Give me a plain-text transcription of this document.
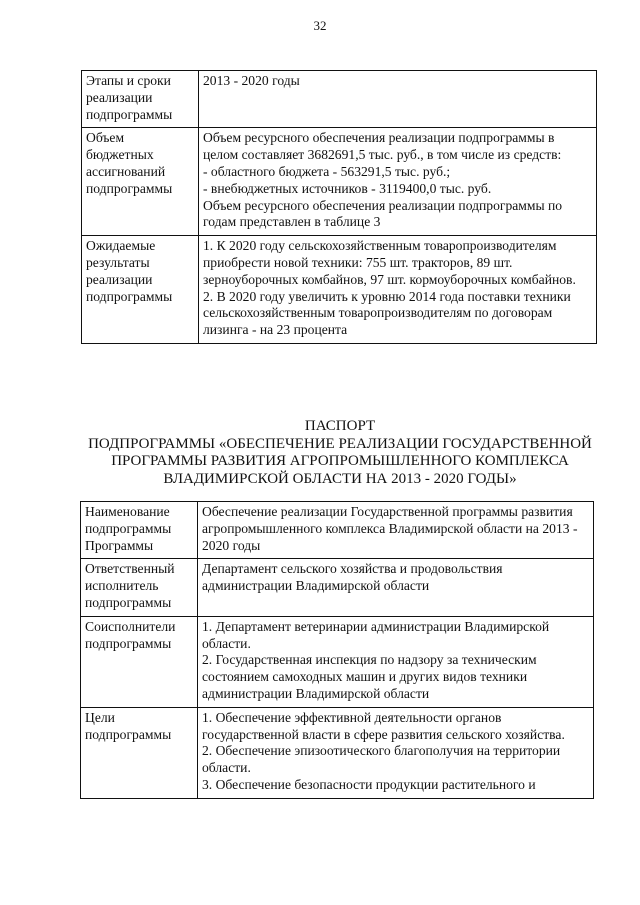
32
Этапы и сроки реализации подпрограммы	2013 - 2020 годы

Объем бюджетных ассигнований подпрограммы	Объем ресурсного обеспечения реализации подпрограммы в целом составляет 3682691,5 тыс. руб., в том числе из средств:
- областного бюджета - 563291,5 тыс. руб.;
- внебюджетных источников - 3119400,0 тыс. руб.
Объем ресурсного обеспечения реализации подпрограммы по годам представлен в таблице 3

Ожидаемые результаты реализации подпрограммы	1. К 2020 году сельскохозяйственным товаропроизводителям приобрести новой техники: 755 шт. тракторов, 89 шт. зерноуборочных комбайнов, 97 шт. кормоуборочных комбайнов.
2. В 2020 году увеличить к уровню 2014 года поставки техники сельскохозяйственным товаропроизводителям по договорам лизинга - на 23 процента
ПАСПОРТ
ПОДПРОГРАММЫ «ОБЕСПЕЧЕНИЕ РЕАЛИЗАЦИИ ГОСУДАРСТВЕННОЙ
ПРОГРАММЫ РАЗВИТИЯ АГРОПРОМЫШЛЕННОГО КОМПЛЕКСА
ВЛАДИМИРСКОЙ ОБЛАСТИ НА 2013 - 2020 ГОДЫ»
Наименование подпрограммы Программы	Обеспечение реализации Государственной программы развития агропромышленного комплекса Владимирской области на 2013 - 2020 годы

Ответственный исполнитель подпрограммы	Департамент сельского хозяйства и продовольствия администрации Владимирской области

Соисполнители подпрограммы	1. Департамент ветеринарии администрации Владимирской области.
2. Государственная инспекция по надзору за техническим состоянием самоходных машин и других видов техники администрации Владимирской области

Цели подпрограммы	1. Обеспечение эффективной деятельности органов государственной власти в сфере развития сельского хозяйства.
2. Обеспечение эпизоотического благополучия на территории области.
3. Обеспечение безопасности продукции растительного и
